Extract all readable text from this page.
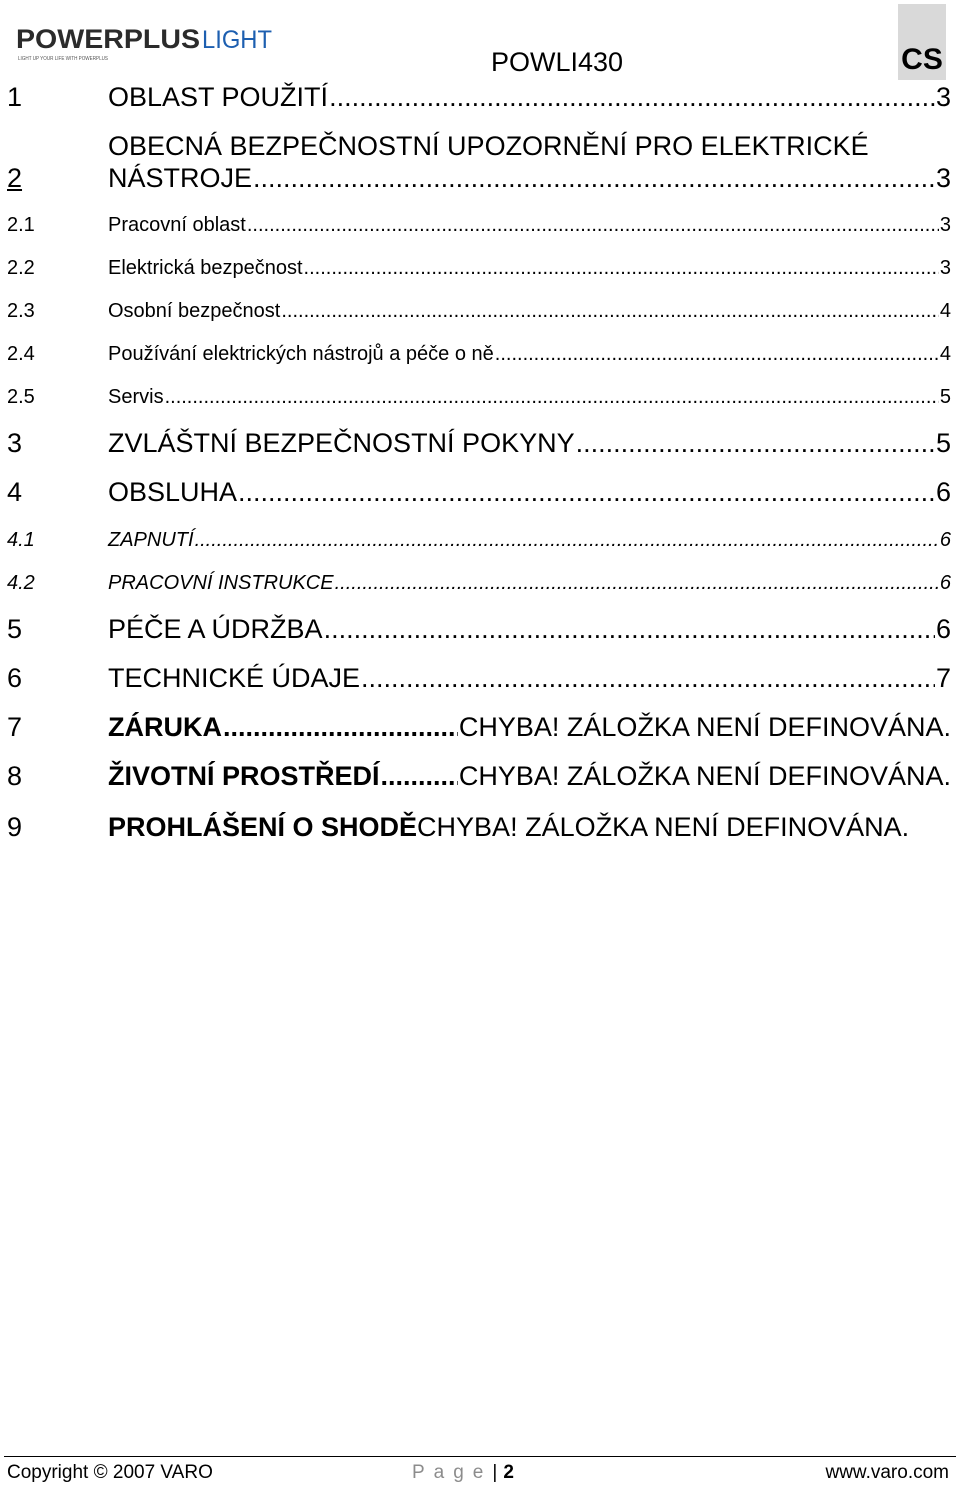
POWERPLUS LIGHT
LIGHT UP YOUR LIFE WITH POWERPLUS	POWLI430	CS
1	OBLAST POUŽITÍ .....	3
2
OBECNÁ BEZPEČNOSTNÍ UPOZORNĚNÍ PRO ELEKTRICKÉ
NÁSTROJE .....	3
2.1	Pracovní oblast .....	3
2.2	Elektrická bezpečnost .....	3
2.3	Osobní bezpečnost .....	4
2.4	Používání elektrických nástrojů a péče o ně .....	4
2.5	Servis .....	5
3	ZVLÁŠTNÍ BEZPEČNOSTNÍ POKYNY .....	5
4	OBSLUHA .....	6
4.1	ZAPNUTÍ .....	6
4.2	PRACOVNÍ INSTRUKCE .....	6
5	PÉČE A ÚDRŽBA .....	6
6	TECHNICKÉ ÚDAJE .....	7
7	ZÁRUKA .....	CHYBA! ZÁLOŽKA NENÍ DEFINOVÁNA.
8	ŽIVOTNÍ PROSTŘEDÍ .....	CHYBA! ZÁLOŽKA NENÍ DEFINOVÁNA.
9	PROHLÁŠENÍ O SHODĚ CHYBA! ZÁLOŽKA NENÍ DEFINOVÁNA.
Copyright © 2007 VARO	Page| 2	www.varo.com
